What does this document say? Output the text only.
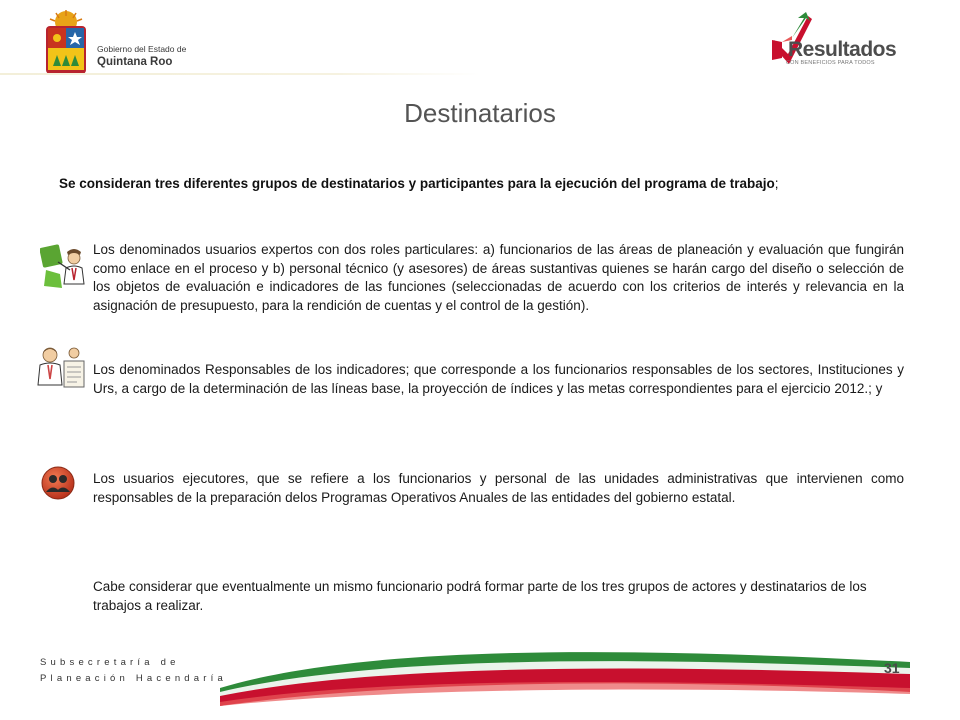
Gobierno del Estado de
Quintana Roo
Resultados
CON BENEFICIOS PARA TODOS
Destinatarios
Se consideran tres diferentes grupos de destinatarios y participantes para la ejecución del programa de trabajo;
Los denominados usuarios expertos con dos roles particulares: a) funcionarios de las áreas de planeación y evaluación que fungirán como enlace en el proceso y b) personal técnico (y asesores) de áreas sustantivas quienes se harán cargo del diseño o selección de los objetos de evaluación e indicadores de las funciones (seleccionadas de acuerdo con los criterios de interés y relevancia en la asignación de presupuesto, para la rendición de cuentas y el control de la gestión).
Los denominados Responsables de los indicadores; que corresponde a los funcionarios responsables de los sectores, Instituciones y Urs, a cargo de la determinación de las líneas base, la proyección de índices y las metas correspondientes para el ejercicio 2012.; y
Los usuarios ejecutores, que se refiere a los funcionarios y personal de las unidades administrativas que intervienen como responsables de la preparación delos Programas Operativos Anuales de las entidades del gobierno estatal.
Cabe considerar que eventualmente un mismo funcionario podrá formar parte de los tres grupos de actores y destinatarios de los trabajos a realizar.
Subsecretaría de
Planeación Hacendaría
31
